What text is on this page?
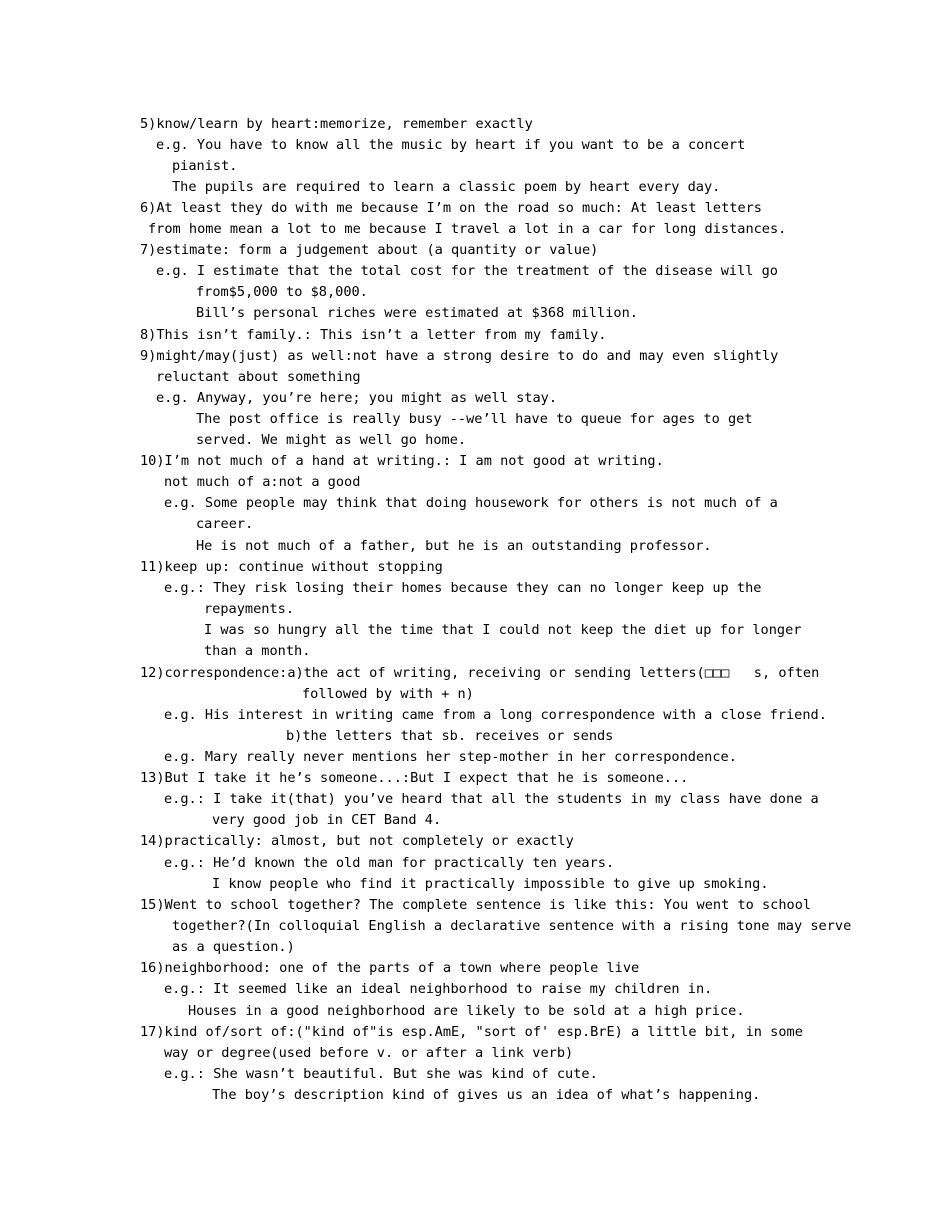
5)know/learn by heart:memorize, remember exactly

e.g. You have to know all the music by heart if you want to be a concert

pianist.

The pupils are required to learn a classic poem by heart every day.

6)At least they do with me because I’m on the road so much: At least letters

from home mean a lot to me because I travel a lot in a car for long distances.

7)estimate: form a judgement about (a quantity or value)

e.g. I estimate that the total cost for the treatment of the disease will go

from$5,000 to $8,000.

Bill’s personal riches were estimated at $368 million.

8)This isn’t family.: This isn’t a letter from my family.

9)might/may(just) as well:not have a strong desire to do and may even slightly

reluctant about something

e.g. Anyway, you’re here; you might as well stay.

The post office is really busy --we’ll have to queue for ages to get

served. We might as well go home.

10)I’m not much of a hand at writing.: I am not good at writing.

not much of a:not a good

e.g. Some people may think that doing housework for others is not much of a

career.

He is not much of a father, but he is an outstanding professor.

11)keep up: continue without stopping

e.g.: They risk losing their homes because they can no longer keep up the

repayments.

I was so hungry all the time that I could not keep the diet up for longer

than a month.

12)correspondence:a)the act of writing, receiving or sending letters(□□□   s, often

followed by with + n)

e.g. His interest in writing came from a long correspondence with a close friend.

b)the letters that sb. receives or sends

e.g. Mary really never mentions her step-mother in her correspondence.

13)But I take it he’s someone...:But I expect that he is someone...

e.g.: I take it(that) you’ve heard that all the students in my class have done a

very good job in CET Band 4.

14)practically: almost, but not completely or exactly

e.g.: He’d known the old man for practically ten years.

I know people who find it practically impossible to give up smoking.

15)Went to school together? The complete sentence is like this: You went to school

together?(In colloquial English a declarative sentence with a rising tone may serve

as a question.)

16)neighborhood: one of the parts of a town where people live

e.g.: It seemed like an ideal neighborhood to raise my children in.

Houses in a good neighborhood are likely to be sold at a high price.

17)kind of/sort of:("kind of"is esp.AmE, "sort of' esp.BrE) a little bit, in some

way or degree(used before v. or after a link verb)

e.g.: She wasn’t beautiful. But she was kind of cute.

The boy’s description kind of gives us an idea of what’s happening.
